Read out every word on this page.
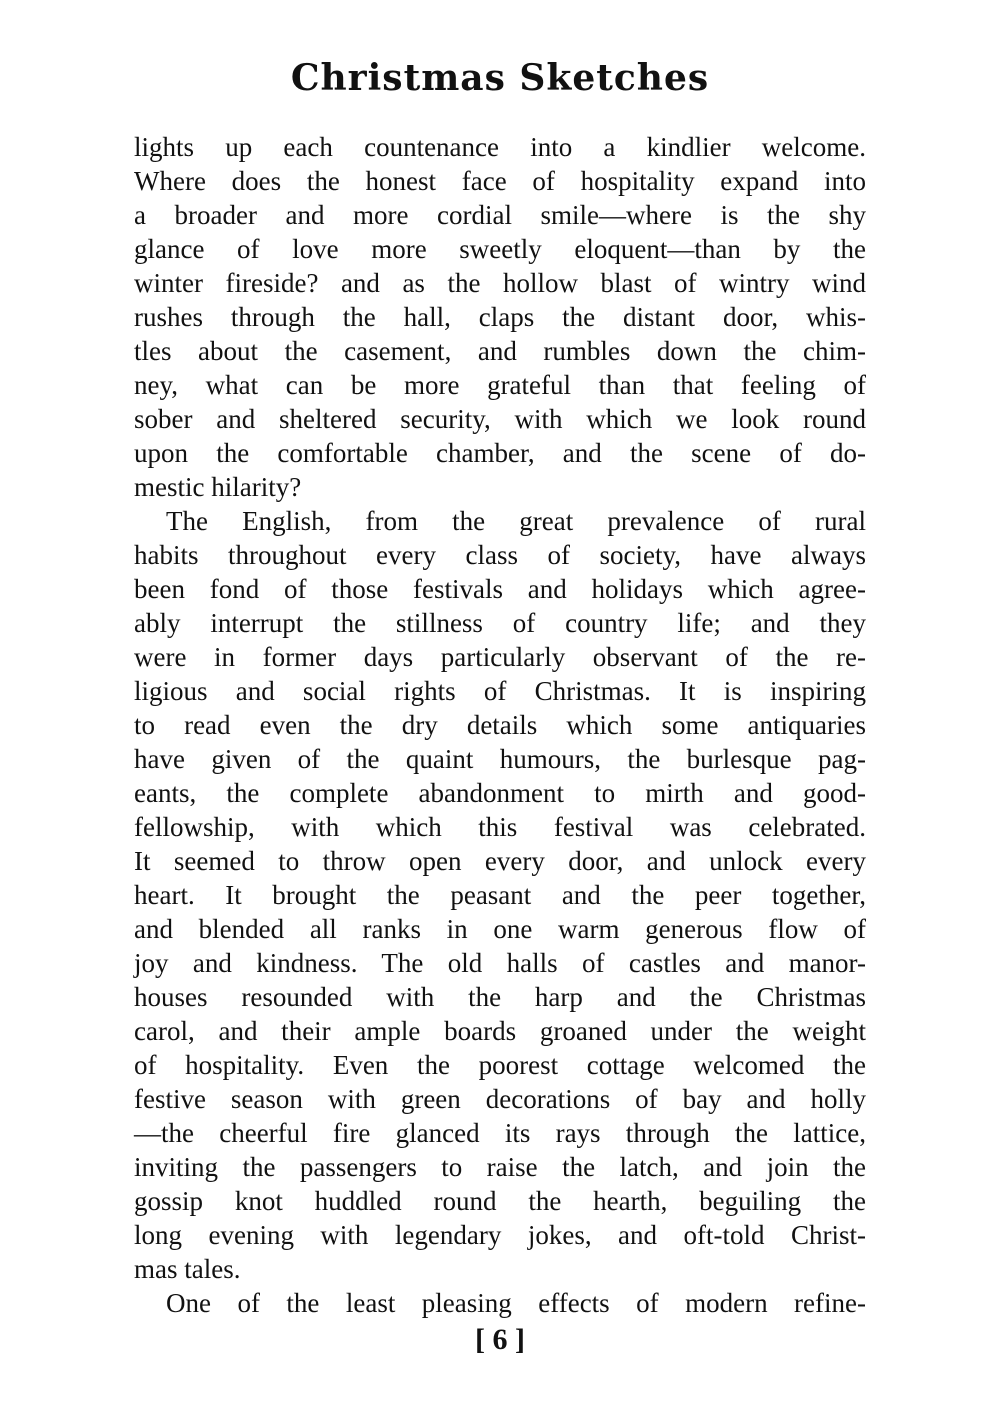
Christmas Sketches
lights up each countenance into a kindlier welcome.
Where does the honest face of hospitality expand into
a broader and more cordial smile—where is the shy
glance of love more sweetly eloquent—than by the
winter fireside? and as the hollow blast of wintry wind
rushes through the hall, claps the distant door, whis-
tles about the casement, and rumbles down the chim-
ney, what can be more grateful than that feeling of
sober and sheltered security, with which we look round
upon the comfortable chamber, and the scene of do-
mestic hilarity?
The English, from the great prevalence of rural
habits throughout every class of society, have always
been fond of those festivals and holidays which agree-
ably interrupt the stillness of country life; and they
were in former days particularly observant of the re-
ligious and social rights of Christmas. It is inspiring
to read even the dry details which some antiquaries
have given of the quaint humours, the burlesque pag-
eants, the complete abandonment to mirth and good-
fellowship, with which this festival was celebrated.
It seemed to throw open every door, and unlock every
heart. It brought the peasant and the peer together,
and blended all ranks in one warm generous flow of
joy and kindness. The old halls of castles and manor-
houses resounded with the harp and the Christmas
carol, and their ample boards groaned under the weight
of hospitality. Even the poorest cottage welcomed the
festive season with green decorations of bay and holly
—the cheerful fire glanced its rays through the lattice,
inviting the passengers to raise the latch, and join the
gossip knot huddled round the hearth, beguiling the
long evening with legendary jokes, and oft-told Christ-
mas tales.
One of the least pleasing effects of modern refine-
[ 6 ]
